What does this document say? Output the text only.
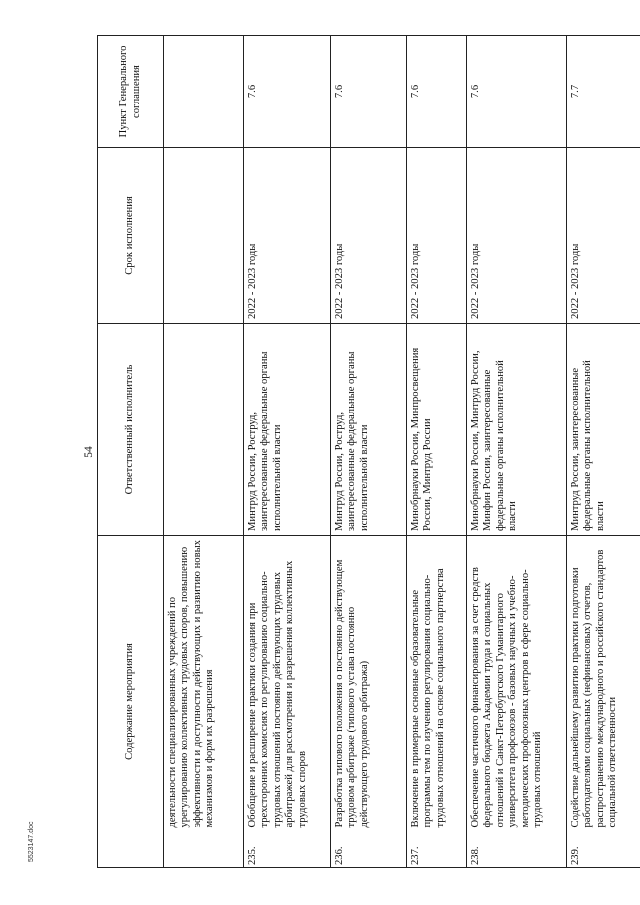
54
Содержание мероприятия		Ответственный исполнитель	Срок исполнения	Пункт Генерального соглашения
	деятельности специализированных учреждений по урегулированию коллективных трудовых споров, повышению эффективности и доступности действующих и развитию новых механизмов и форм их разрешения			
235.	Обобщение и расширение практики создания при трехсторонних комиссиях по регулированию социально-трудовых отношений постоянно действующих трудовых арбитражей для рассмотрения и разрешения коллективных трудовых споров	Минтруд России, Роструд, заинтересованные федеральные органы исполнительной власти	2022 - 2023 годы	7.6
236.	Разработка типового положения о постоянно действующем трудовом арбитраже (типового устава постоянно действующего трудового арбитража)	Минтруд России, Роструд, заинтересованные федеральные органы исполнительной власти	2022 - 2023 годы	7.6
237.	Включение в примерные основные образовательные программы тем по изучению регулирования социально-трудовых отношений на основе социального партнерства	Минобрнауки России, Минпросвещения России, Минтруд России	2022 - 2023 годы	7.6
238.	Обеспечение частичного финансирования за счет средств федерального бюджета Академии труда и социальных отношений и Санкт-Петербургского Гуманитарного университета профсоюзов - базовых научных и учебно-методических профсоюзных центров в сфере социально-трудовых отношений	Минобрнауки России, Минтруд России, Минфин России, заинтересованные федеральные органы исполнительной власти	2022 - 2023 годы	7.6
239.	Содействие дальнейшему развитию практики подготовки работодателями социальных (нефинансовых) отчетов, распространению международного и российского стандартов социальной ответственности	Минтруд России, заинтересованные федеральные органы исполнительной власти	2022 - 2023 годы	7.7
5523147.doc
